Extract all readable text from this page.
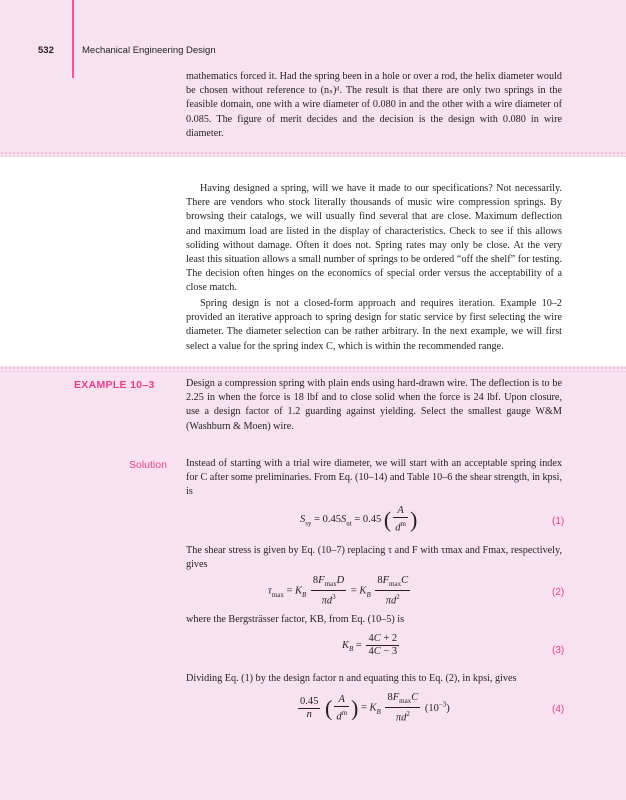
532	Mechanical Engineering Design

mathematics forced it. Had the spring been in a hole or over a rod, the helix diameter would be chosen without reference to (nₛ)ᵈ. The result is that there are only two springs in the feasible domain, one with a wire diameter of 0.080 in and the other with a wire diameter of 0.085. The figure of merit decides and the decision is the design with 0.080 in wire diameter.

Having designed a spring, will we have it made to our specifications? Not necessarily. There are vendors who stock literally thousands of music wire compression springs. By browsing their catalogs, we will usually find several that are close. Maximum deflection and maximum load are listed in the display of characteristics. Check to see if this allows soliding without damage. Often it does not. Spring rates may only be close. At the very least this situation allows a small number of springs to be ordered “off the shelf” for testing. The decision often hinges on the economics of special order versus the acceptability of a close match.

Spring design is not a closed-form approach and requires iteration. Example 10–2 provided an iterative approach to spring design for static service by first selecting the wire diameter. The diameter selection can be rather arbitrary. In the next example, we will first select a value for the spring index C, which is within the recommended range.

EXAMPLE 10–3	Design a compression spring with plain ends using hard-drawn wire. The deflection is to be 2.25 in when the force is 18 lbf and to close solid when the force is 24 lbf. Upon closure, use a design factor of 1.2 guarding against yielding. Select the smallest gauge W&M (Washburn & Moen) wire.

Solution Instead of starting with a trial wire diameter, we will start with an acceptable spring index for C after some preliminaries. From Eq. (10–14) and Table 10–6 the shear strength, in kpsi, is

$S_{sy} = 0.45S_{ut} = 0.45$ ( $\frac{A}{d^m}$ )	(1)

The shear stress is given by Eq. (10–7) replacing τ and F with τmax and Fmax, respectively, gives

$\tau_{max} = K_B \frac{8F_{max}D}{\pi d^3} = K_B \frac{8F_{max}C}{\pi d^2}$	(2)

where the Bergsträsser factor, KB, from Eq. (10–5) is

$K_B = \frac{4C + 2}{4C - 3}$	(3)

Dividing Eq. (1) by the design factor n and equating this to Eq. (2), in kpsi, gives

$\frac{0.45}{n}$ ( $\frac{A}{d^m}$ ) = $K_B \frac{8F_{max}C}{\pi d^2} (10^{-3})$	(4)
